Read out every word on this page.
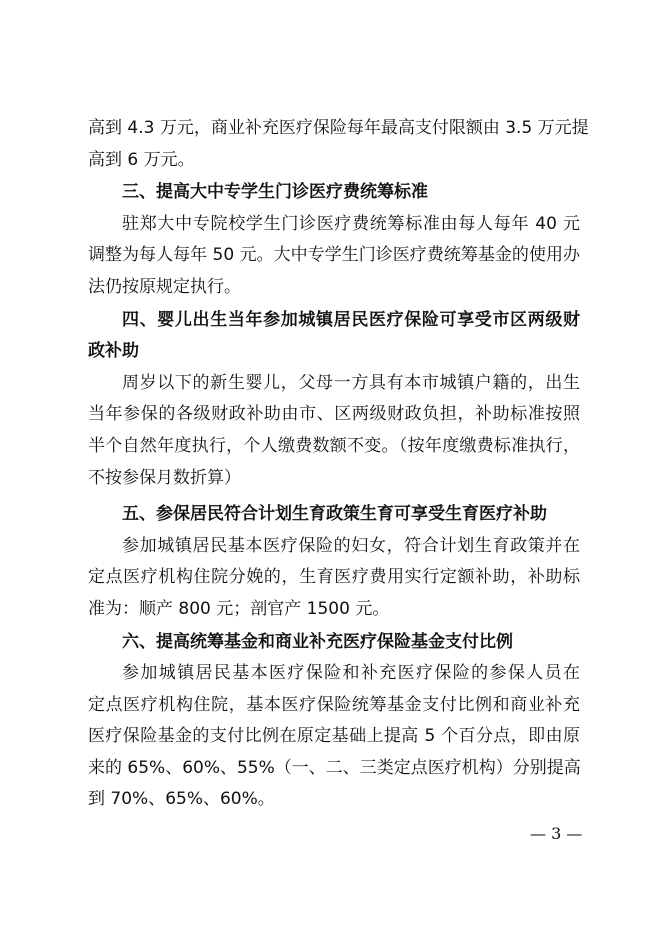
高到 4.3 万元，商业补充医疗保险每年最高支付限额由 3.5 万元提
高到 6 万元。
三、提高大中专学生门诊医疗费统筹标准
驻郑大中专院校学生门诊医疗费统筹标准由每人每年 40 元
调整为每人每年 50 元。大中专学生门诊医疗费统筹基金的使用办
法仍按原规定执行。
四、婴儿出生当年参加城镇居民医疗保险可享受市区两级财
政补助
周岁以下的新生婴儿，父母一方具有本市城镇户籍的，出生
当年参保的各级财政补助由市、区两级财政负担，补助标准按照
半个自然年度执行，个人缴费数额不变。（按年度缴费标准执行，
不按参保月数折算）
五、参保居民符合计划生育政策生育可享受生育医疗补助
参加城镇居民基本医疗保险的妇女，符合计划生育政策并在
定点医疗机构住院分娩的，生育医疗费用实行定额补助，补助标
准为：顺产 800 元；剖官产 1500 元。
六、提高统筹基金和商业补充医疗保险基金支付比例
参加城镇居民基本医疗保险和补充医疗保险的参保人员在
定点医疗机构住院，基本医疗保险统筹基金支付比例和商业补充
医疗保险基金的支付比例在原定基础上提高 5 个百分点，即由原
来的 65%、60%、55%（一、二、三类定点医疗机构）分别提高
到 70%、65%、60%。
— 3 —
